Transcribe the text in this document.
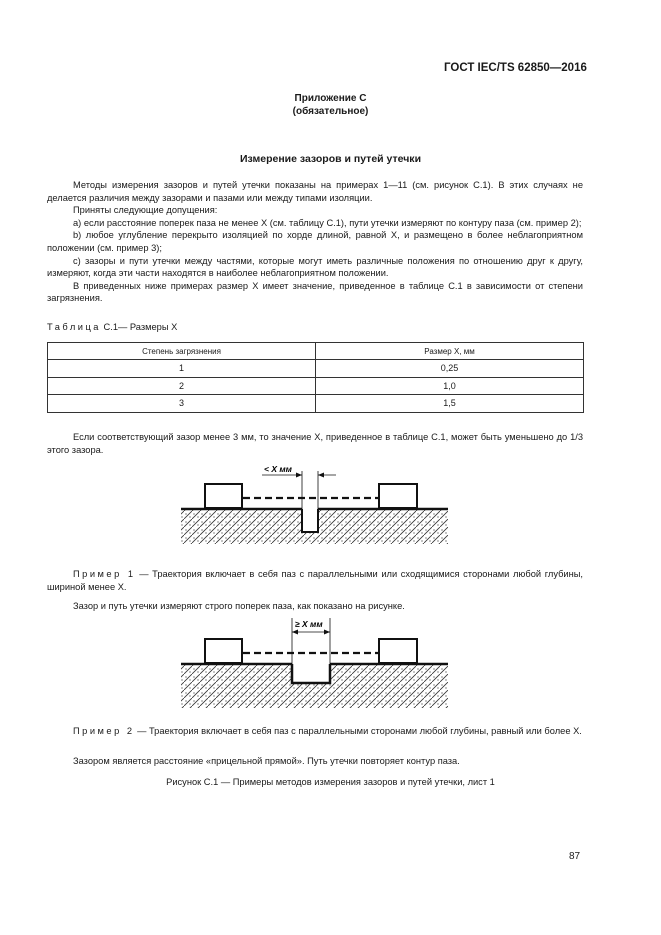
ГОСТ IEC/TS 62850—2016
Приложение С
(обязательное)
Измерение зазоров и путей утечки

Методы измерения зазоров и путей утечки показаны на примерах 1—11 (см. рисунок С.1). В этих случаях не делается различия между зазорами и пазами или между типами изоляции.

Приняты следующие допущения:

а) если расстояние поперек паза не менее X (см. таблицу С.1), пути утечки измеряют по контуру паза (см. пример 2);

b) любое углубление перекрыто изоляцией по хорде длиной, равной X, и размещено в более неблагоприятном положении (см. пример 3);

с) зазоры и пути утечки между частями, которые могут иметь различные положения по отношению друг к другу, измеряют, когда эти части находятся в наиболее неблагоприятном положении.

В приведенных ниже примерах размер X имеет значение, приведенное в таблице С.1 в зависимости от степени загрязнения.

Таблица С.1— Размеры X
Степень загрязнения	Размер X, мм
1	0,25
2	1,0
3	1,5

Если соответствующий зазор менее 3 мм, то значение X, приведенное в таблице С.1, может быть уменьшено до 1/3 этого зазора.

< X мм

Пример 1 — Траектория включает в себя паз с параллельными или сходящимися сторонами любой глубины, шириной менее X.

Зазор и путь утечки измеряют строго поперек паза, как показано на рисунке.

≥ X мм

Пример 2 — Траектория включает в себя паз с параллельными сторонами любой глубины, равный или более X.

Зазором является расстояние «прицельной прямой». Путь утечки повторяет контур паза.

Рисунок С.1 — Примеры методов измерения зазоров и путей утечки, лист 1
87
